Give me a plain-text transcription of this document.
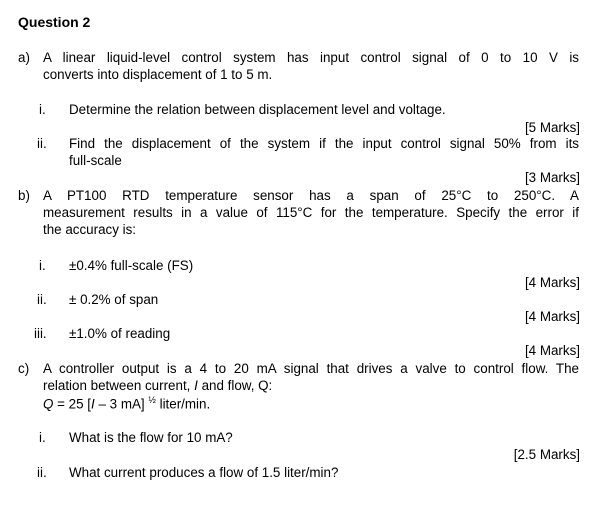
Question 2
a) A linear liquid-level control system has input control signal of 0 to 10 V is
converts into displacement of 1 to 5 m.
i. Determine the relation between displacement level and voltage.
[5 Marks]
ii. Find the displacement of the system if the input control signal 50% from its
full-scale
[3 Marks]
b) A PT100 RTD temperature sensor has a span of 25°C to 250°C. A
measurement results in a value of 115°C for the temperature. Specify the error if
the accuracy is:
i. ±0.4% full-scale (FS)
[4 Marks]
ii. ± 0.2% of span
[4 Marks]
iii. ±1.0% of reading
[4 Marks]
c) A controller output is a 4 to 20 mA signal that drives a valve to control flow. The
relation between current, I and flow, Q:
Q = 25 [I – 3 mA] $^{\frac{1}{2}}$ liter/min.
i. What is the flow for 10 mA?
[2.5 Marks]
ii. What current produces a flow of 1.5 liter/min?
